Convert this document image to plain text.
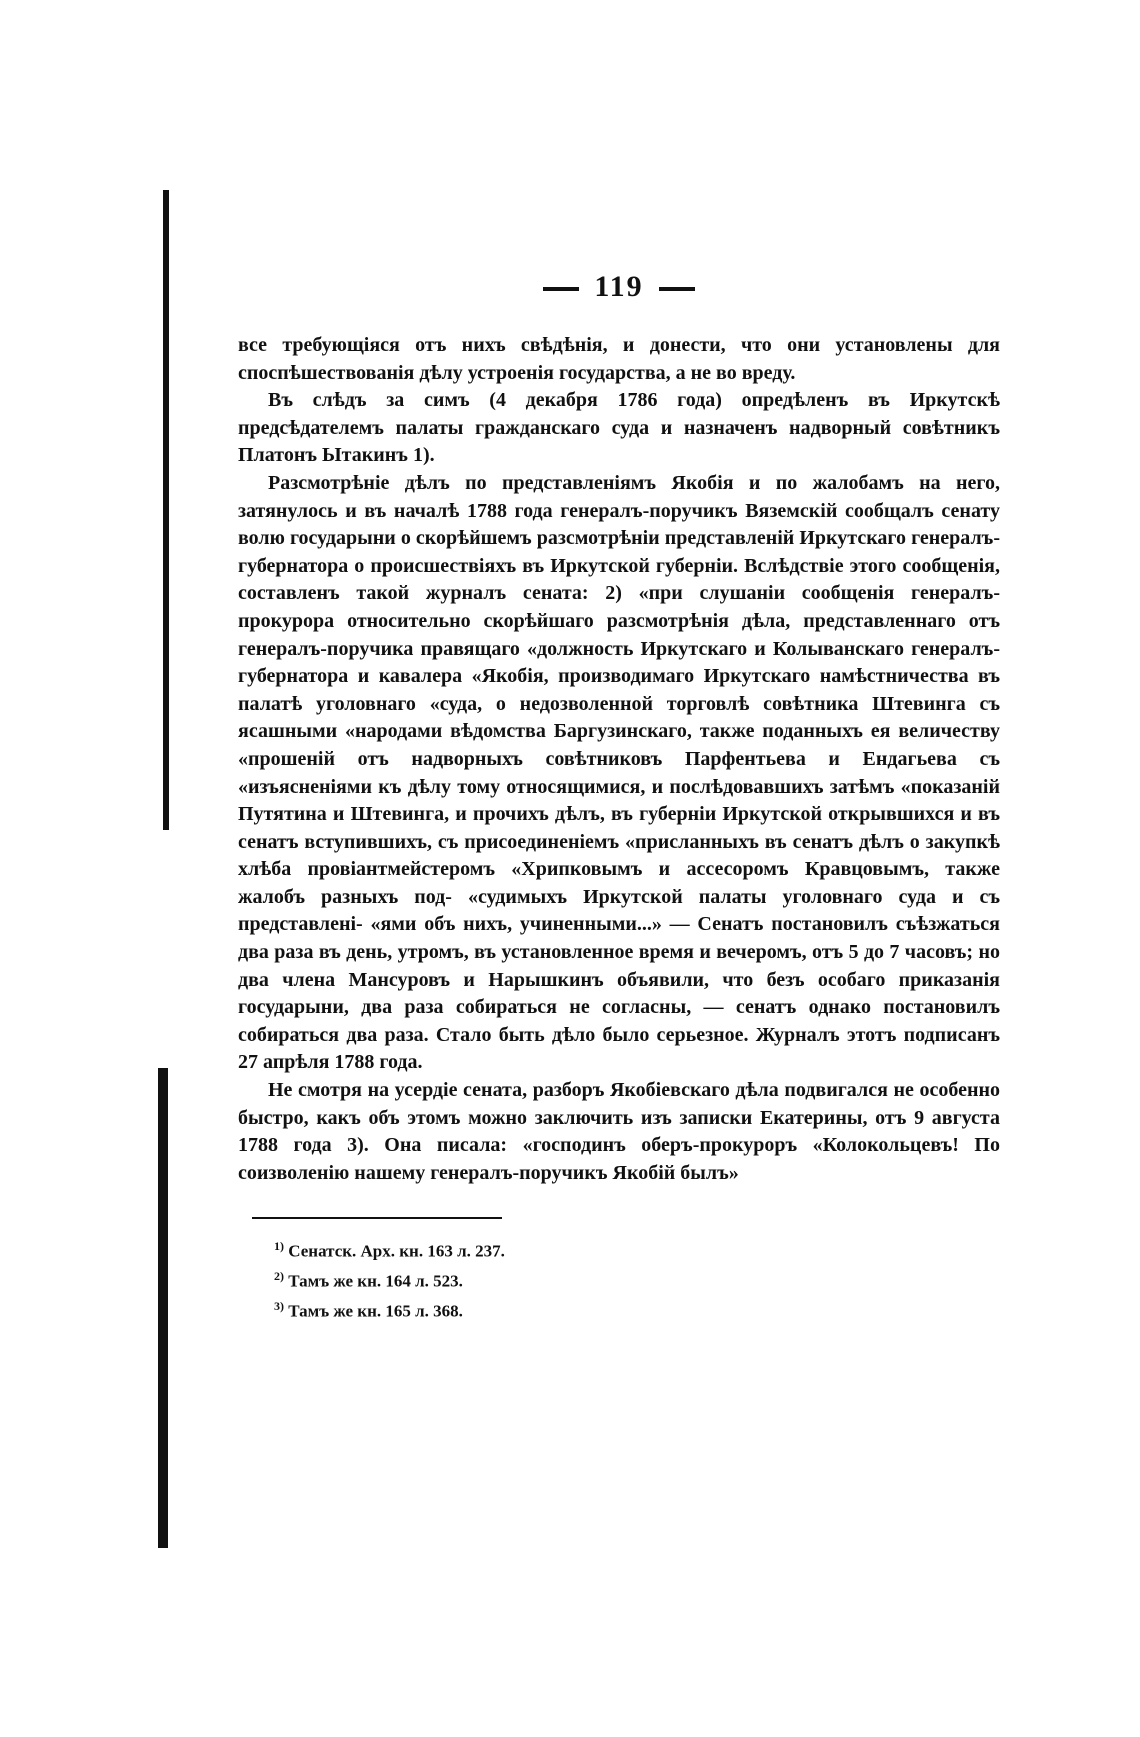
119

все требующіяся отъ нихъ свѣдѣнія, и донести, что они установлены для споспѣшествованія дѣлу устроенія государства, а не во вреду.

Въ слѣдъ за симъ (4 декабря 1786 года) опредѣленъ въ Иркутскѣ предсѣдателемъ палаты гражданскаго суда и назначенъ надворный совѣтникъ Платонъ Ытакинъ 1).

Разсмотрѣніе дѣлъ по представленіямъ Якобія и по жалобамъ на него, затянулось и въ началѣ 1788 года генералъ-поручикъ Вяземскій сообщалъ сенату волю государыни о скорѣйшемъ разсмотрѣніи представленій Иркутскаго генералъ-губернатора о происшествіяхъ въ Иркутской губерніи. Вслѣдствіе этого сообщенія, составленъ такой журналъ сената: 2) «при слушаніи сообщенія генералъ-прокурора относительно скорѣйшаго разсмотрѣнія дѣла, представленнаго отъ генералъ-поручика правящаго «должность Иркутскаго и Колыванскаго генералъ-губернатора и кавалера «Якобія, производимаго Иркутскаго намѣстничества въ палатѣ уголовнаго «суда, о недозволенной торговлѣ совѣтника Штевинга съ ясашными «народами вѣдомства Баргузинскаго, также поданныхъ ея величеству «прошеній отъ надворныхъ совѣтниковъ Парфентьева и Ендагьева съ «изъясненіями къ дѣлу тому относящимися, и послѣдовавшихъ затѣмъ «показаній Путятина и Штевинга, и прочихъ дѣлъ, въ губерніи Иркутской открывшихся и въ сенатъ вступившихъ, съ присоединеніемъ «присланныхъ въ сенатъ дѣлъ о закупкѣ хлѣба провіантмейстеромъ «Хрипковымъ и ассесоромъ Кравцовымъ, также жалобъ разныхъ под- «судимыхъ Иркутской палаты уголовнаго суда и съ представлені- «ями объ нихъ, учиненными...» — Сенатъ постановилъ съѣзжаться два раза въ день, утромъ, въ установленное время и вечеромъ, отъ 5 до 7 часовъ; но два члена Мансуровъ и Нарышкинъ объявили, что безъ особаго приказанія государыни, два раза собираться не согласны, — сенатъ однако постановилъ собираться два раза. Стало быть дѣло было серьезное. Журналъ этотъ подписанъ 27 апрѣля 1788 года.

Не смотря на усердіе сената, разборъ Якобіевскаго дѣла подвигался не особенно быстро, какъ объ этомъ можно заключить изъ записки Екатерины, отъ 9 августа 1788 года 3). Она писала: «господинъ оберъ-прокуроръ «Колокольцевъ! По соизволенію нашему генералъ-поручикъ Якобій былъ»

$^{1)}$ Сенатск. Арх. кн. 163 л. 237.
$^{2)}$ Тамъ же кн. 164 л. 523.
$^{3)}$ Тамъ же кн. 165 л. 368.
